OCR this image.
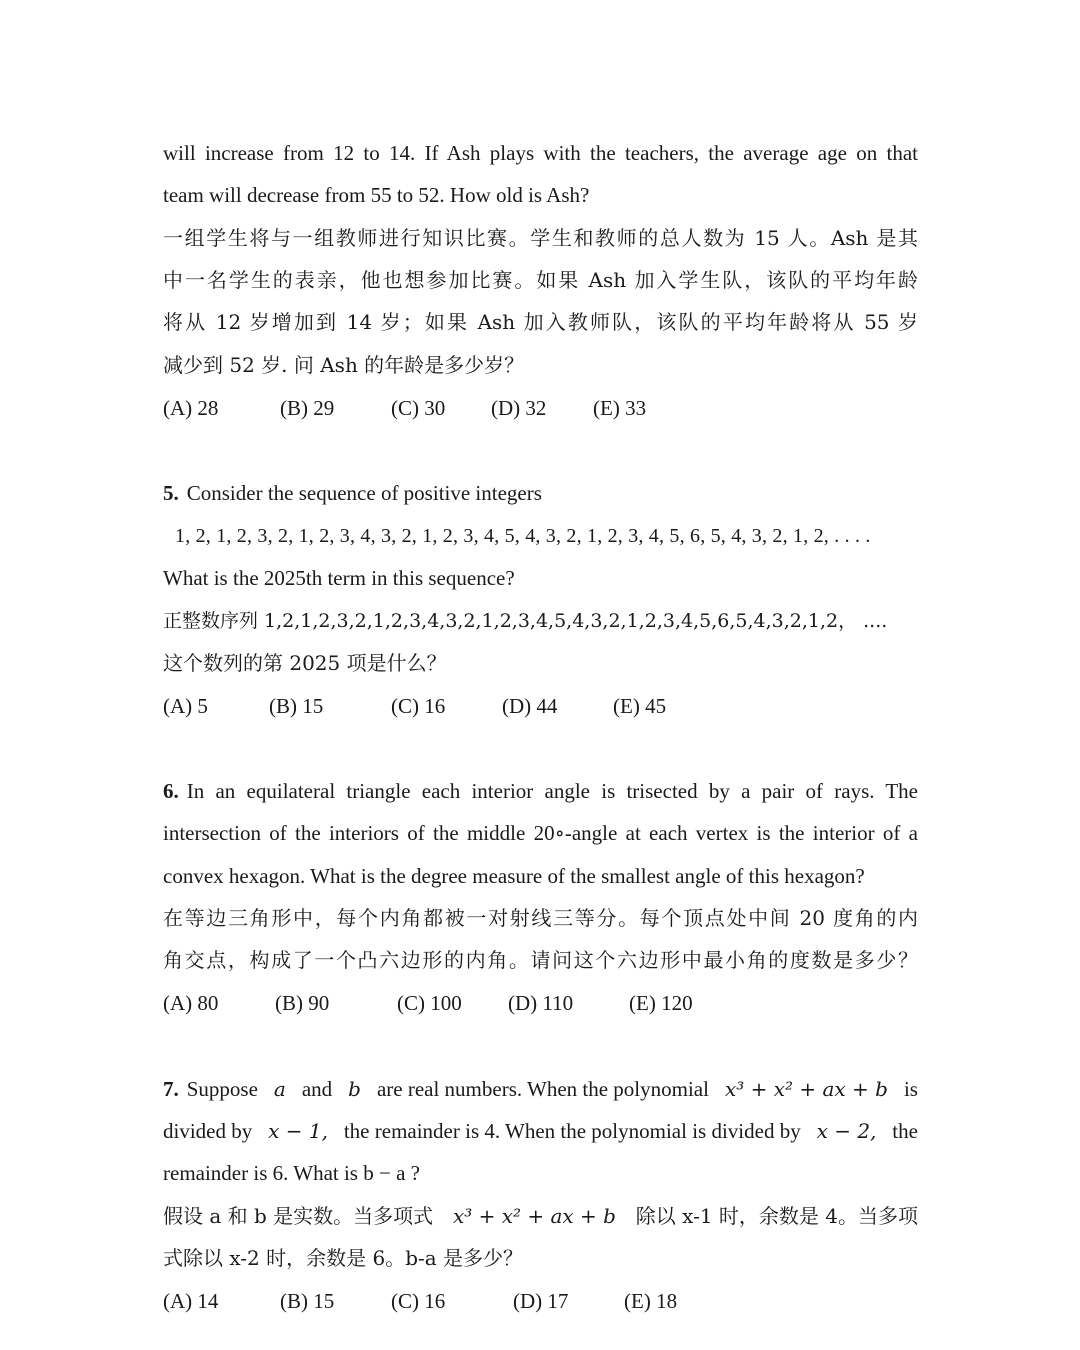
will increase from 12 to 14. If Ash plays with the teachers, the average age on that
team will decrease from 55 to 52. How old is Ash?
一组学生将与一组教师进行知识比赛。学生和教师的总人数为 15 人。Ash 是其
中一名学生的表亲，他也想参加比赛。如果 Ash 加入学生队，该队的平均年龄
将从 12 岁增加到 14 岁；如果 Ash 加入教师队，该队的平均年龄将从 55 岁
减少到 52 岁. 问 Ash 的年龄是多少岁？
(A) 28	(B) 29	(C) 30 (D) 32 (E) 33
5. Consider the sequence of positive integers
1, 2, 1, 2, 3, 2, 1, 2, 3, 4, 3, 2, 1, 2, 3, 4, 5, 4, 3, 2, 1, 2, 3, 4, 5, 6, 5, 4, 3, 2, 1, 2, . . . .
What is the 2025th term in this sequence?
正整数序列 1,2,1,2,3,2,1,2,3,4,3,2,1,2,3,4,5,4,3,2,1,2,3,4,5,6,5,4,3,2,1,2， ....
这个数列的第 2025 项是什么？
(A) 5	(B) 15	(C) 16	(D) 44	(E) 45
6. In an equilateral triangle each interior angle is trisected by a pair of rays. The
intersection of the interiors of the middle 20∘-angle at each vertex is the interior of a
convex hexagon. What is the degree measure of the smallest angle of this hexagon?
在等边三角形中，每个内角都被一对射线三等分。每个顶点处中间 20 度角的内
角交点，构成了一个凸六边形的内角。请问这个六边形中最小角的度数是多少？
(A) 80	(B) 90	(C) 100 (D) 110	(E) 120
7. Suppose a and b are real numbers. When the polynomial x³ + x² + ax + b is
divided by x − 1, the remainder is 4. When the polynomial is divided by x − 2, the
remainder is 6. What is b − a ?
假设 a 和 b 是实数。当多项式 x³ + x² + ax + b 除以 x-1 时，余数是 4。当多项
式除以 x-2 时，余数是 6。b-a 是多少？
(A) 14	(B) 15	(C) 16	(D) 17	(E) 18
